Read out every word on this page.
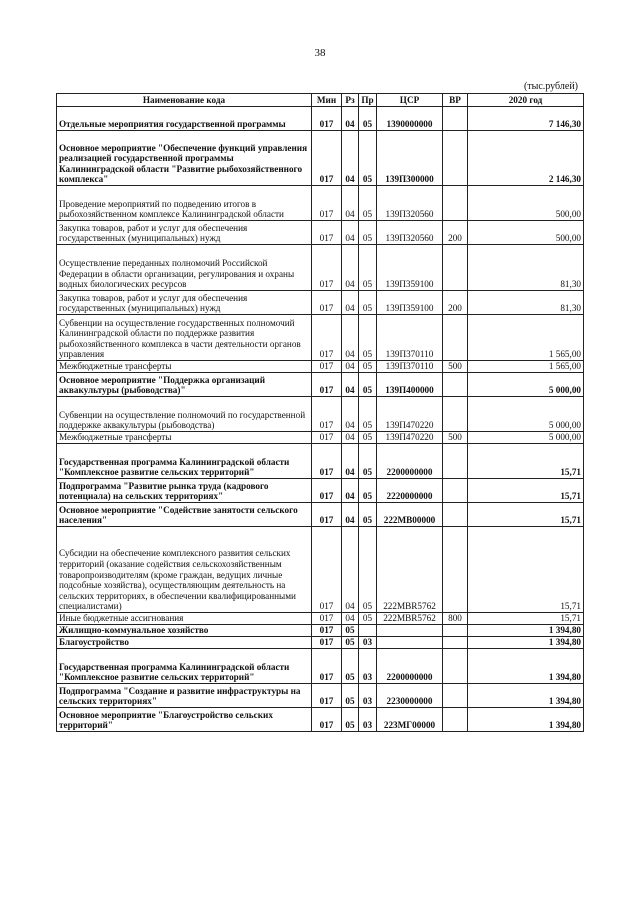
38
(тыс.рублей)
Наименование кода	Мин	Рз	Пр	ЦСР	ВР	2020 год
Отдельные мероприятия государственной программы	017	04	05	1390000000		7 146,30
Основное мероприятие "Обеспечение функций управления реализацией государственной программы Калининградской области "Развитие рыбохозяйственного комплекса"	017	04	05	139П300000		2 146,30
Проведение мероприятий по подведению итогов в рыбохозяйственном комплексе Калининградской области	017	04	05	139П320560		500,00
Закупка товаров, работ и услуг для обеспечения государственных (муниципальных) нужд	017	04	05	139П320560	200	500,00
Осуществление переданных полномочий Российской Федерации в области организации, регулирования и охраны водных биологических ресурсов	017	04	05	139П359100		81,30
Закупка товаров, работ и услуг для обеспечения государственных (муниципальных) нужд	017	04	05	139П359100	200	81,30
Субвенции на осуществление государственных полномочий Калининградской области по поддержке развития рыбохозяйственного комплекса в части деятельности органов управления	017	04	05	139П370110		1 565,00
Межбюджетные трансферты	017	04	05	139П370110	500	1 565,00
Основное мероприятие "Поддержка организаций аквакультуры (рыбоводства)"	017	04	05	139П400000		5 000,00
Субвенции на осуществление полномочий по государственной поддержке аквакультуры (рыбоводства)	017	04	05	139П470220		5 000,00
Межбюджетные трансферты	017	04	05	139П470220	500	5 000,00
Государственная программа Калининградской области "Комплексное развитие сельских территорий"	017	04	05	2200000000		15,71
Подпрограмма "Развитие рынка труда (кадрового потенциала) на сельских территориях"	017	04	05	2220000000		15,71
Основное мероприятие "Содействие занятости сельского населения"	017	04	05	222МВ00000		15,71
Субсидии на обеспечение комплексного развития сельских территорий (оказание содействия сельскохозяйственным товаропроизводителям (кроме граждан, ведущих личные подсобные хозяйства), осуществляющим деятельность на сельских территориях, в обеспечении квалифицированными специалистами)	017	04	05	222МВR5762		15,71
Иные бюджетные ассигнования	017	04	05	222МВR5762	800	15,71
Жилищно-коммунальное хозяйство	017	05				1 394,80
Благоустройство	017	05	03			1 394,80
Государственная программа Калининградской области "Комплексное развитие сельских территорий"	017	05	03	2200000000		1 394,80
Подпрограмма "Создание и развитие инфраструктуры на сельских территориях"	017	05	03	2230000000		1 394,80
Основное мероприятие "Благоустройство сельских территорий"	017	05	03	223МГ00000		1 394,80
